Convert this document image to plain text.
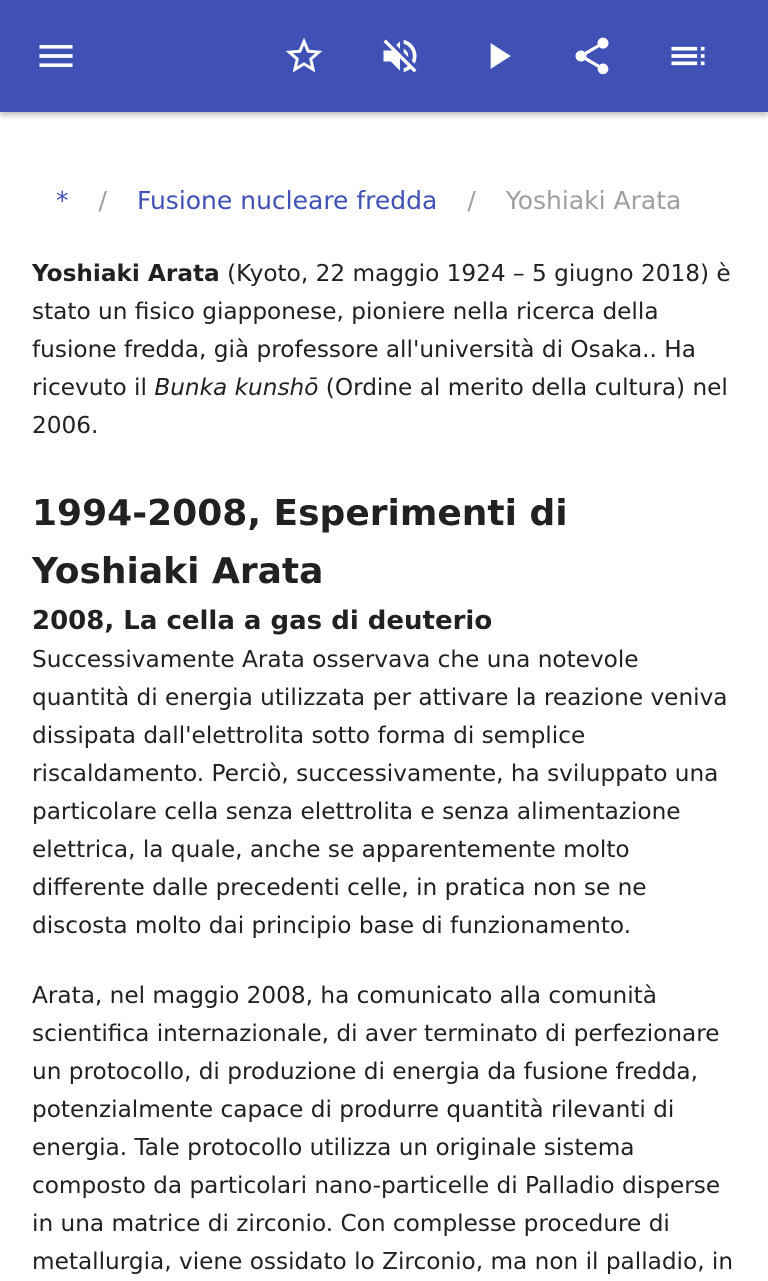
* / Fusione nucleare fredda / Yoshiaki Arata

Yoshiaki Arata (Kyoto, 22 maggio 1924 – 5 giugno 2018) è stato un fisico giapponese, pioniere nella ricerca della fusione fredda, già professore all'università di Osaka.. Ha ricevuto il Bunka kunshō (Ordine al merito della cultura) nel 2006.

1994-2008, Esperimenti di Yoshiaki Arata
2008, La cella a gas di deuterio

Successivamente Arata osservava che una notevole quantità di energia utilizzata per attivare la reazione veniva dissipata dall'elettrolita sotto forma di semplice riscaldamento. Perciò, successivamente, ha sviluppato una particolare cella senza elettrolita e senza alimentazione elettrica, la quale, anche se apparentemente molto differente dalle precedenti celle, in pratica non se ne discosta molto dai principio base di funzionamento.

Arata, nel maggio 2008, ha comunicato alla comunità scientifica internazionale, di aver terminato di perfezionare un protocollo, di produzione di energia da fusione fredda, potenzialmente capace di produrre quantità rilevanti di energia. Tale protocollo utilizza un originale sistema composto da particolari nano-particelle di Palladio disperse in una matrice di zirconio. Con complesse procedure di metallurgia, viene ossidato lo Zirconio, ma non il palladio, in
